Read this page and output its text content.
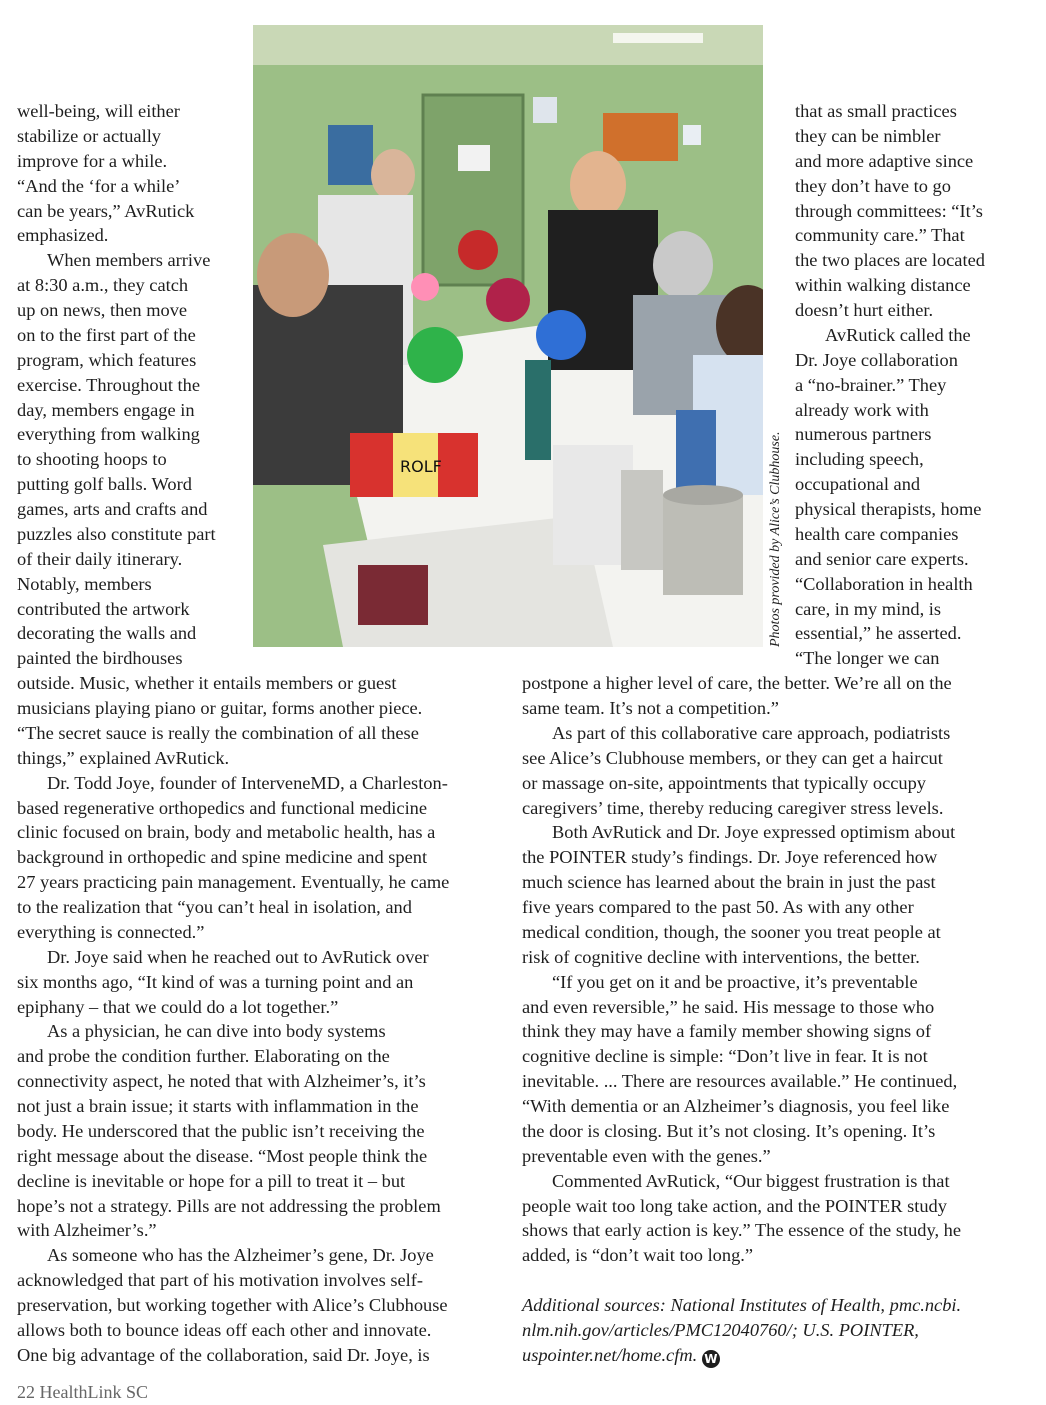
ROLF	Photos provided by Alice’s Clubhouse.

well-being, will either

stabilize or actually

improve for a while.

“And the ‘for a while’

can be years,” AvRutick

emphasized.

When members arrive

at 8:30 a.m., they catch

up on news, then move

on to the first part of the

program, which features

exercise. Throughout the

day, members engage in

everything from walking

to shooting hoops to

putting golf balls. Word

games, arts and crafts and

puzzles also constitute part

of their daily itinerary.

Notably, members

contributed the artwork

decorating the walls and

painted the birdhouses

outside. Music, whether it entails members or guest

musicians playing piano or guitar, forms another piece.

“The secret sauce is really the combination of all these

things,” explained AvRutick.

Dr. Todd Joye, founder of InterveneMD, a Charleston-

based regenerative orthopedics and functional medicine

clinic focused on brain, body and metabolic health, has a

background in orthopedic and spine medicine and spent

27 years practicing pain management. Eventually, he came

to the realization that “you can’t heal in isolation, and

everything is connected.”

Dr. Joye said when he reached out to AvRutick over

six months ago, “It kind of was a turning point and an

epiphany – that we could do a lot together.”

As a physician, he can dive into body systems

and probe the condition further. Elaborating on the

connectivity aspect, he noted that with Alzheimer’s, it’s

not just a brain issue; it starts with inflammation in the

body. He underscored that the public isn’t receiving the

right message about the disease. “Most people think the

decline is inevitable or hope for a pill to treat it – but

hope’s not a strategy. Pills are not addressing the problem

with Alzheimer’s.”

As someone who has the Alzheimer’s gene, Dr. Joye

acknowledged that part of his motivation involves self-

preservation, but working together with Alice’s Clubhouse

allows both to bounce ideas off each other and innovate.

One big advantage of the collaboration, said Dr. Joye, is

that as small practices

they can be nimbler

and more adaptive since

they don’t have to go

through committees: “It’s

community care.” That

the two places are located

within walking distance

doesn’t hurt either.

AvRutick called the

Dr. Joye collaboration

a “no-brainer.” They

already work with

numerous partners

including speech,

occupational and

physical therapists, home

health care companies

and senior care experts.

“Collaboration in health

care, in my mind, is

essential,” he asserted.

“The longer we can

postpone a higher level of care, the better. We’re all on the

same team. It’s not a competition.”

As part of this collaborative care approach, podiatrists

see Alice’s Clubhouse members, or they can get a haircut

or massage on-site, appointments that typically occupy

caregivers’ time, thereby reducing caregiver stress levels.

Both AvRutick and Dr. Joye expressed optimism about

the POINTER study’s findings. Dr. Joye referenced how

much science has learned about the brain in just the past

five years compared to the past 50. As with any other

medical condition, though, the sooner you treat people at

risk of cognitive decline with interventions, the better.

“If you get on it and be proactive, it’s preventable

and even reversible,” he said. His message to those who

think they may have a family member showing signs of

cognitive decline is simple: “Don’t live in fear. It is not

inevitable. ... There are resources available.” He continued,

“With dementia or an Alzheimer’s diagnosis, you feel like

the door is closing. But it’s not closing. It’s opening. It’s

preventable even with the genes.”

Commented AvRutick, “Our biggest frustration is that

people wait too long take action, and the POINTER study

shows that early action is key.” The essence of the study, he

added, is “don’t wait too long.”

Additional sources: National Institutes of Health, pmc.ncbi.

nlm.nih.gov/articles/PMC12040760/; U.S. POINTER,

uspointer.net/home.cfm. W

22 HealthLink SC
